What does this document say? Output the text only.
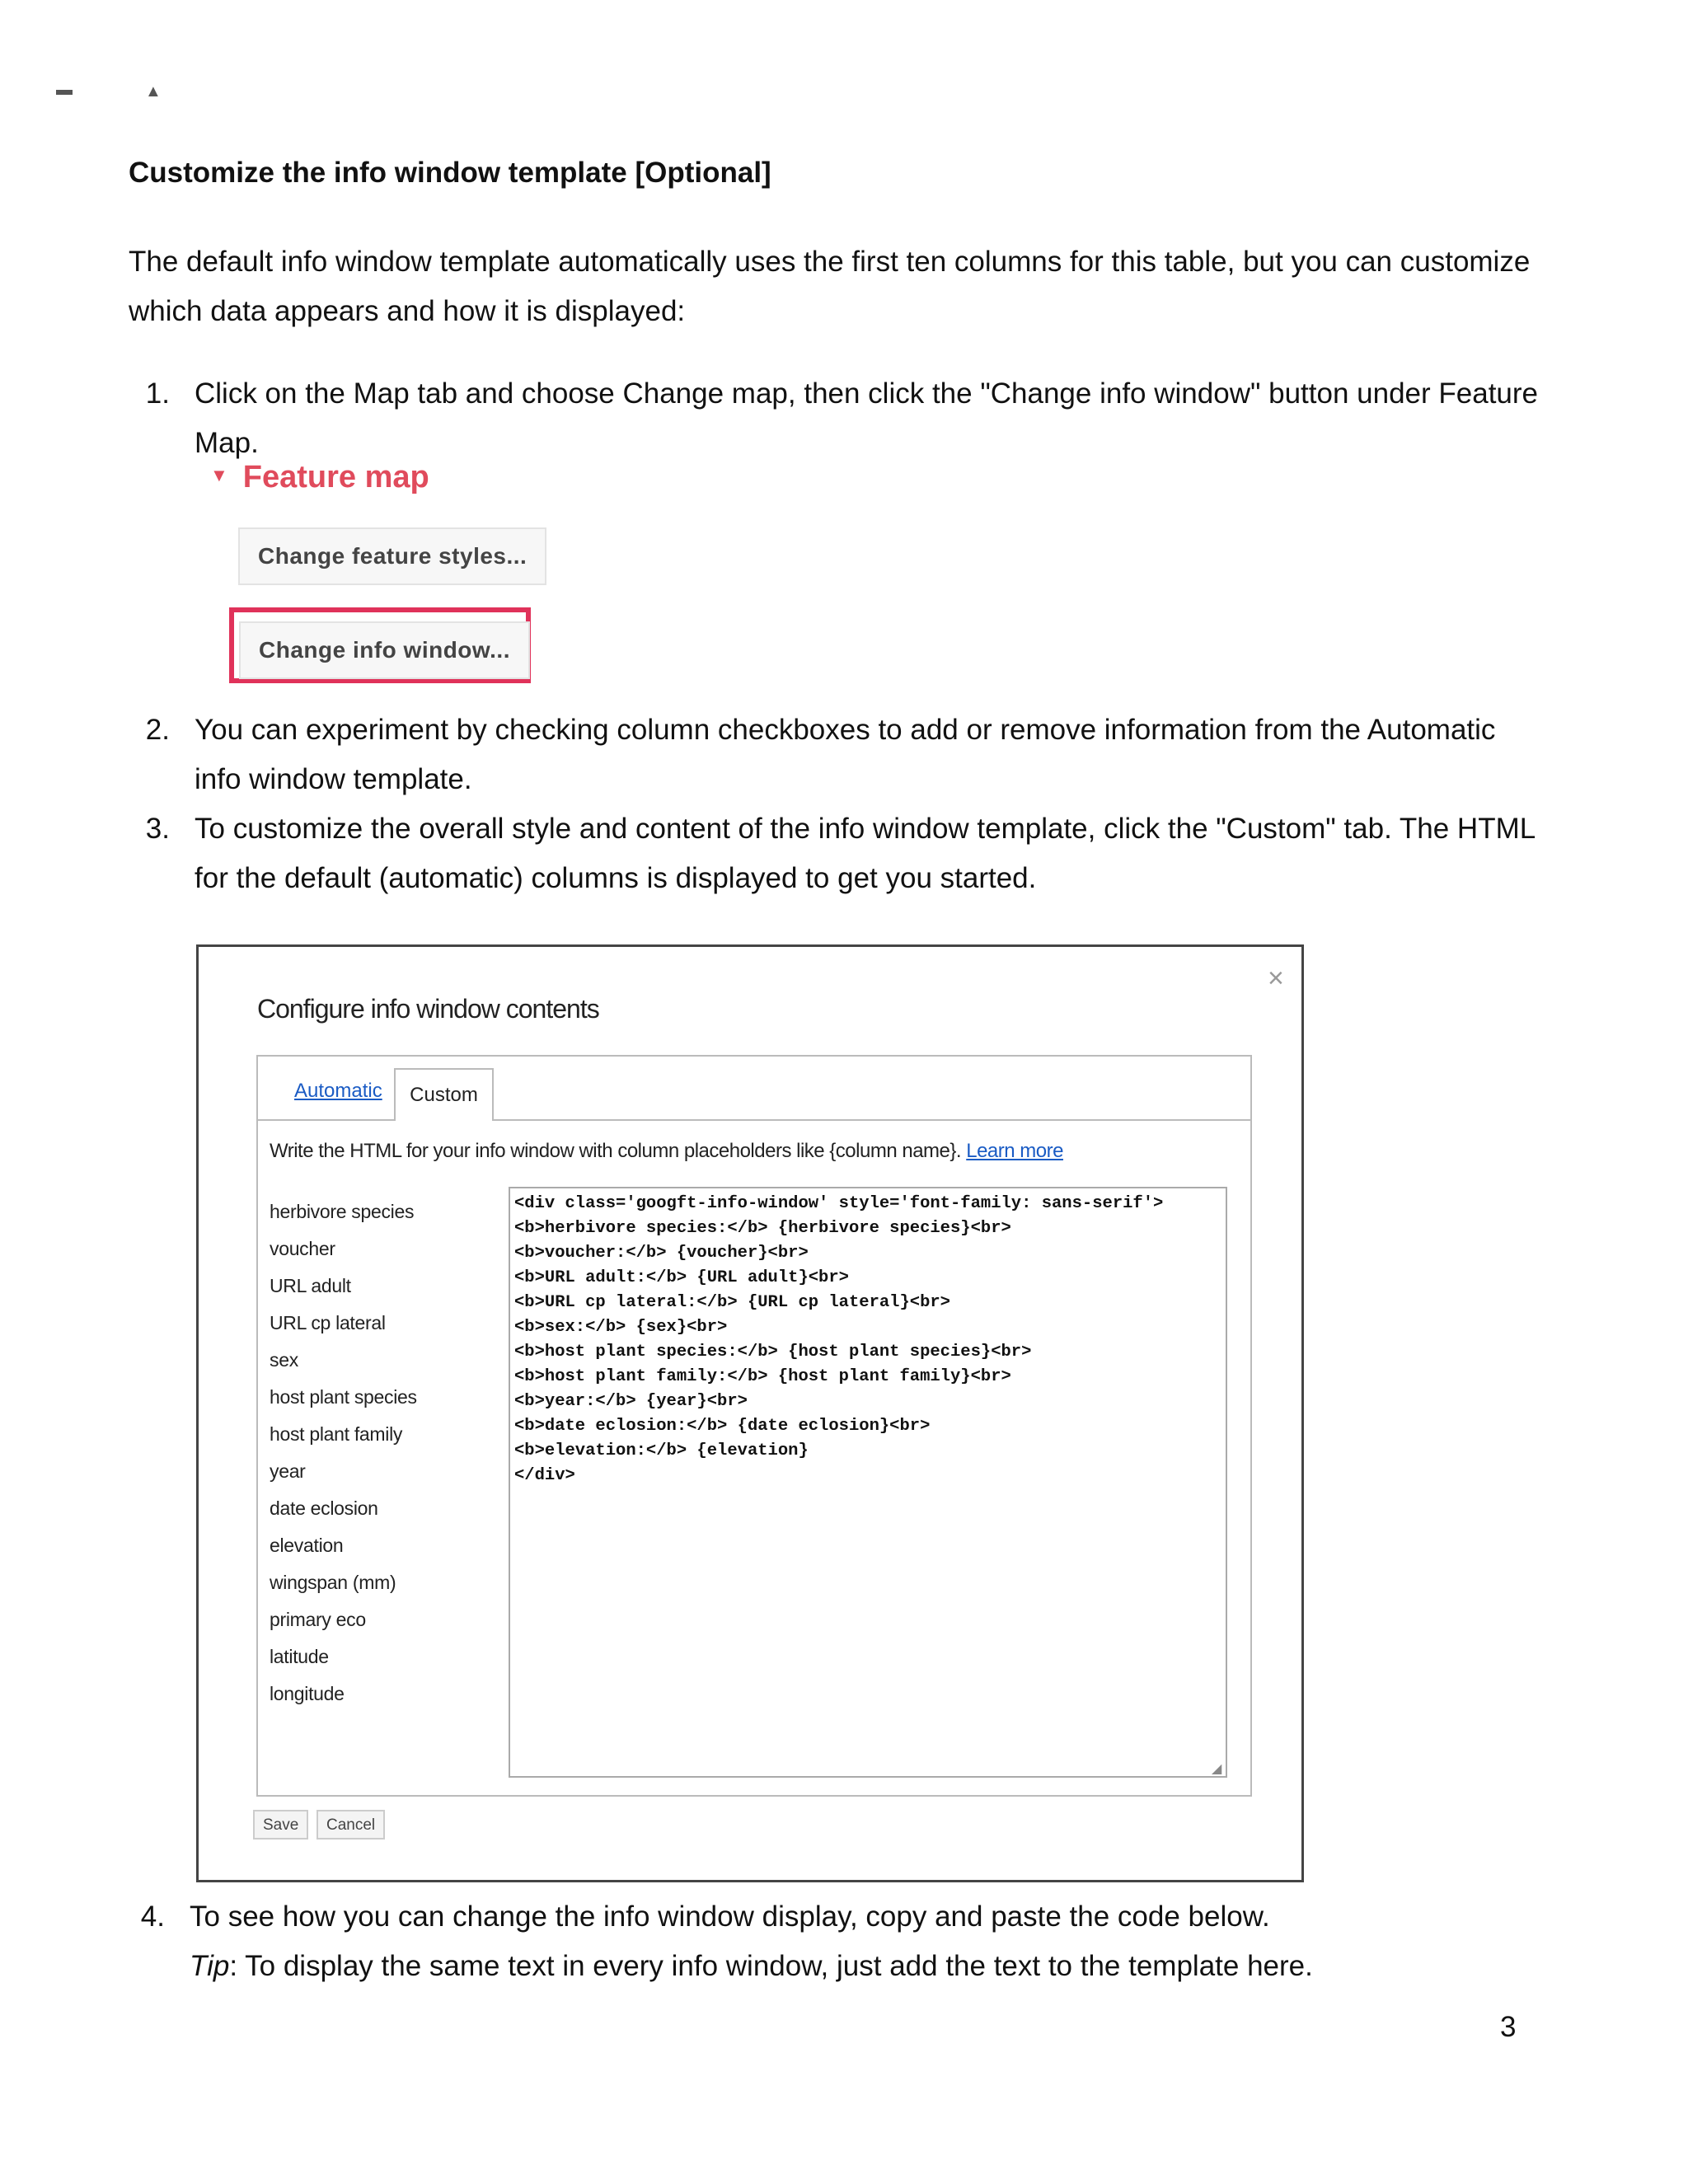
▬	▲
Customize the info window template [Optional]
The default info window template automatically uses the first ten columns for this table, but you can customize
which data appears and how it is displayed:
1. Click on the Map tab and choose Change map, then click the "Change info window" button under Feature
Map.
▼ Feature map
Change feature styles...
Change info window...
2. You can experiment by checking column checkboxes to add or remove information from the Automatic
info window template.
3. To customize the overall style and content of the info window template, click the "Custom" tab. The HTML
for the default (automatic) columns is displayed to get you started.
Configure info window contents
×
Automatic	Custom
Write the HTML for your info window with column placeholders like {column name}. Learn more
herbivore species
voucher
URL adult
URL cp lateral
sex
host plant species
host plant family
year
date eclosion
elevation
wingspan (mm)
primary eco
latitude
longitude
<div class='googft-info-window' style='font-family: sans-serif'>
<b>herbivore species:</b> {herbivore species}<br>
<b>voucher:</b> {voucher}<br>
<b>URL adult:</b> {URL adult}<br>
<b>URL cp lateral:</b> {URL cp lateral}<br>
<b>sex:</b> {sex}<br>
<b>host plant species:</b> {host plant species}<br>
<b>host plant family:</b> {host plant family}<br>
<b>year:</b> {year}<br>
<b>date eclosion:</b> {date eclosion}<br>
<b>elevation:</b> {elevation}
</div>
◢
Save	Cancel
4. To see how you can change the info window display, copy and paste the code below.
Tip: To display the same text in every info window, just add the text to the template here.
3
